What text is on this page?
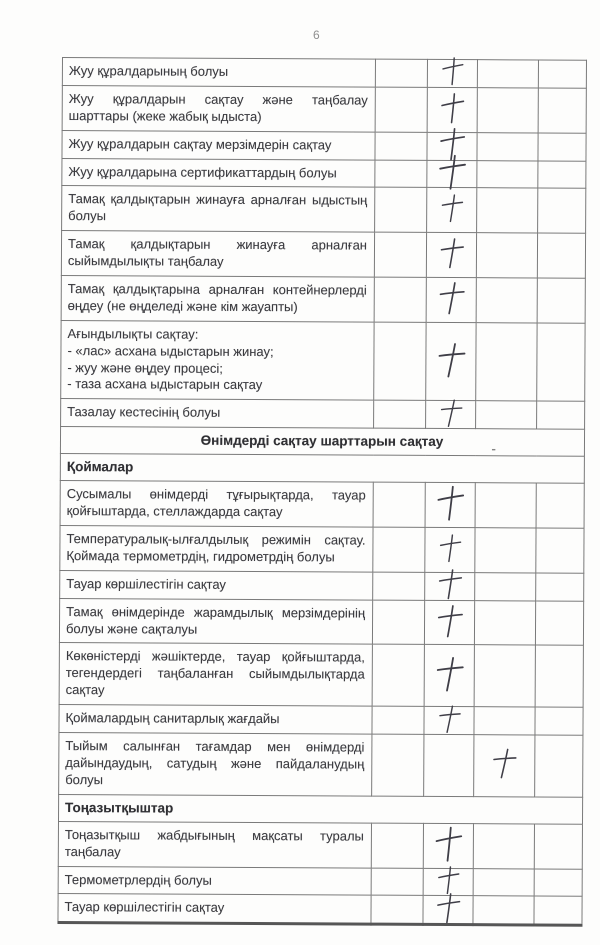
6
Жуу құралдарының болуы		

Жуу құралдарын сақтау және таңбалау шарттары (жеке жабық ыдыста)		

Жуу құралдарын сақтау мерзімдерін сақтау		

Жуу құралдарына сертификаттардың болуы		

Тамақ қалдықтарын жинауға арналған ыдыстың болуы		

Тамақ қалдықтарын жинауға арналған сыйымдылықты таңбалау		

Тамақ қалдықтарына арналған контейнерлерді өңдеу (не өңделеді және кім жауапты)		

Ағындылықты сақтау:
- «лас» асхана ыдыстарын жинау;
- жуу және өңдеу процесі;
- таза асхана ыдыстарын сақтау		

Тазалау кестесінің болуы		

Өнімдерді сақтау шарттарын сақтау -				

Қоймалар				
Сусымалы өнімдерді тұғырықтарда, тауар қойғыштарда, стеллаждарда сақтау		

Температуралық-ылғалдылық режимін сақтау. Қоймада термометрдің, гидрометрдің болуы		

Тауар көршілестігін сақтау		

Тамақ өнімдерінде жарамдылық мерзімдерінің болуы және сақталуы		

Көкөністерді жәшіктерде, тауар қойғыштарда, тегендердегі таңбаланған сыйымдылықтарда сақтау		

Қоймалардың санитарлық жағдайы		

Тыйым салынған тағамдар мен өнімдерді дайындаудың, сатудың және пайдаланудың болуы			

Тоңазытқыштар				
Тоңазытқыш жабдығының мақсаты туралы таңбалау		

Термометрлердің болуы		

Тауар көршілестігін сақтау		
